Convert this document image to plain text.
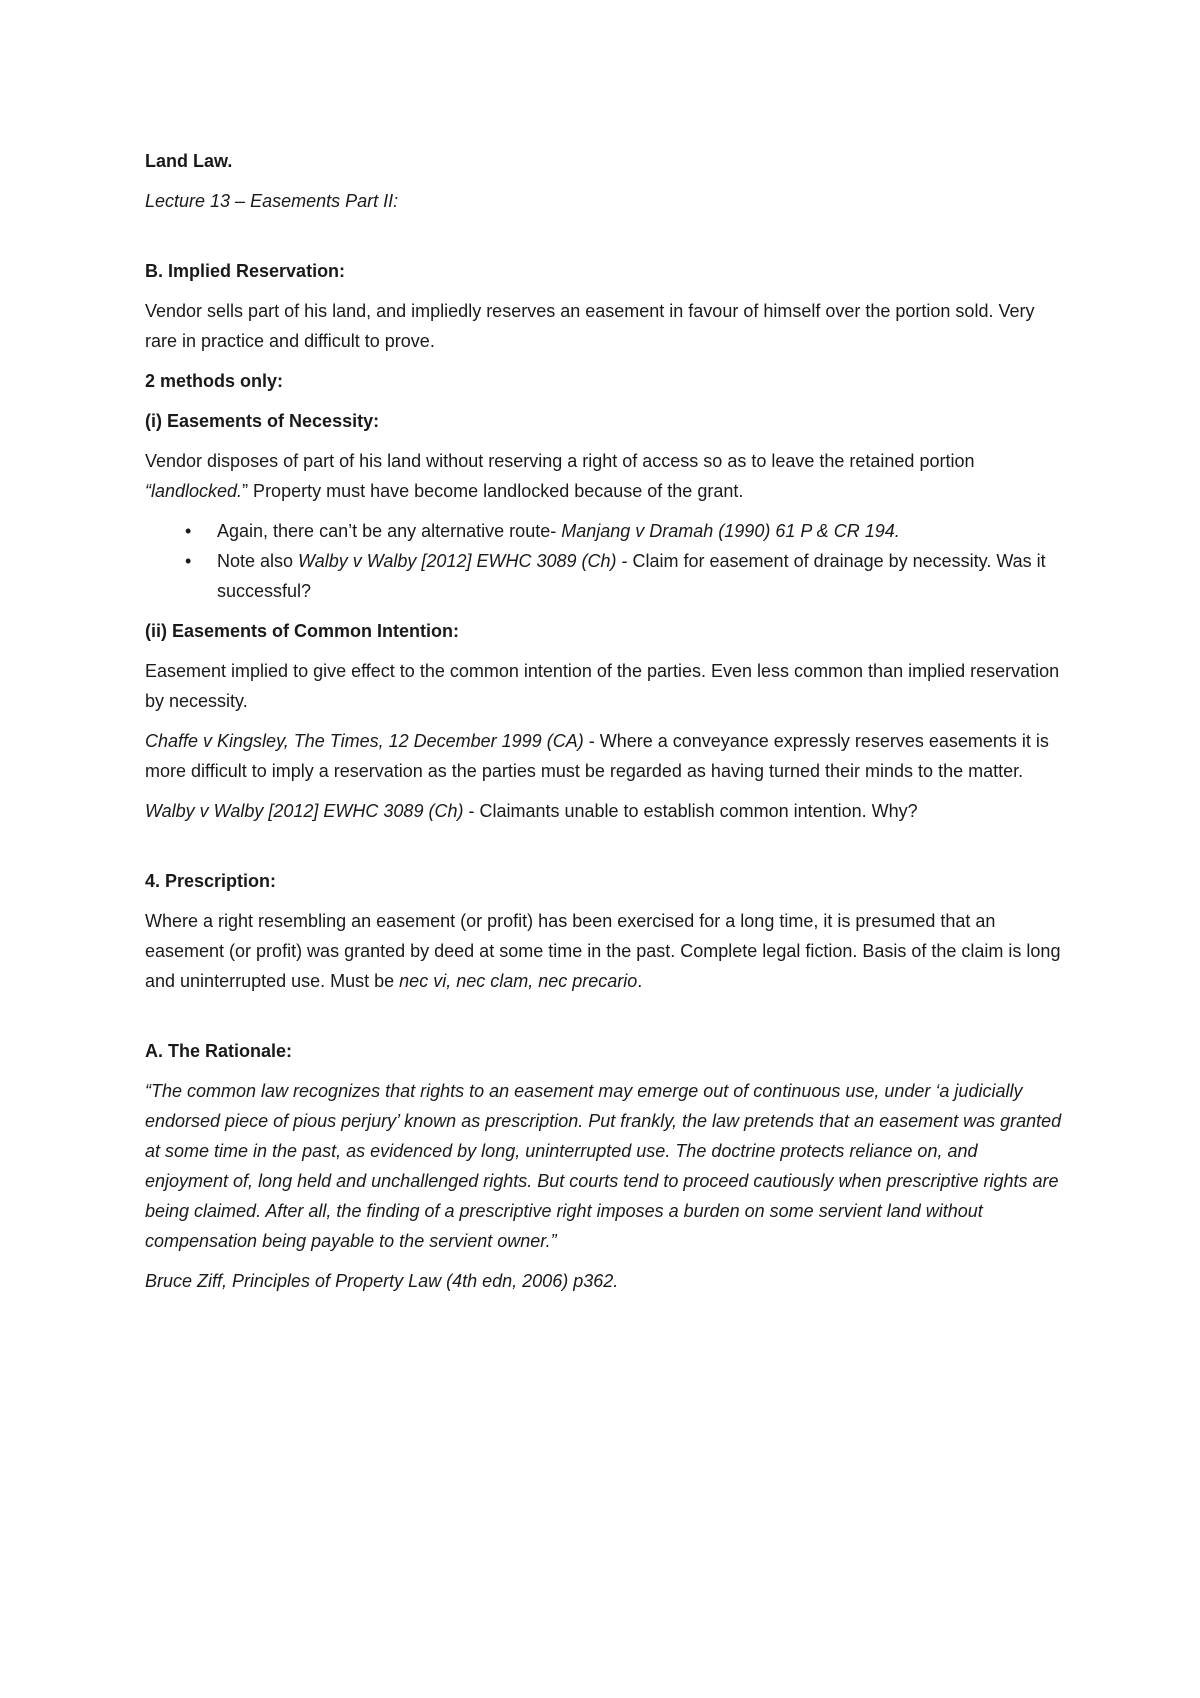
Land Law.

Lecture 13 – Easements Part II:

B. Implied Reservation:

Vendor sells part of his land, and impliedly reserves an easement in favour of himself over the portion sold. Very rare in practice and difficult to prove.

2 methods only:

(i) Easements of Necessity:

Vendor disposes of part of his land without reserving a right of access so as to leave the retained portion “landlocked.” Property must have become landlocked because of the grant.

• Again, there can’t be any alternative route- Manjang v Dramah (1990) 61 P & CR 194.
• Note also Walby v Walby [2012] EWHC 3089 (Ch) - Claim for easement of drainage by necessity. Was it successful?

(ii) Easements of Common Intention:

Easement implied to give effect to the common intention of the parties. Even less common than implied reservation by necessity.

Chaffe v Kingsley, The Times, 12 December 1999 (CA) - Where a conveyance expressly reserves easements it is more difficult to imply a reservation as the parties must be regarded as having turned their minds to the matter.

Walby v Walby [2012] EWHC 3089 (Ch) - Claimants unable to establish common intention. Why?

4. Prescription:

Where a right resembling an easement (or profit) has been exercised for a long time, it is presumed that an easement (or profit) was granted by deed at some time in the past. Complete legal fiction. Basis of the claim is long and uninterrupted use. Must be nec vi, nec clam, nec precario.

A. The Rationale:

“The common law recognizes that rights to an easement may emerge out of continuous use, under ‘a judicially endorsed piece of pious perjury’ known as prescription. Put frankly, the law pretends that an easement was granted at some time in the past, as evidenced by long, uninterrupted use. The doctrine protects reliance on, and enjoyment of, long held and unchallenged rights. But courts tend to proceed cautiously when prescriptive rights are being claimed. After all, the finding of a prescriptive right imposes a burden on some servient land without compensation being payable to the servient owner.”

Bruce Ziff, Principles of Property Law (4th edn, 2006) p362.
